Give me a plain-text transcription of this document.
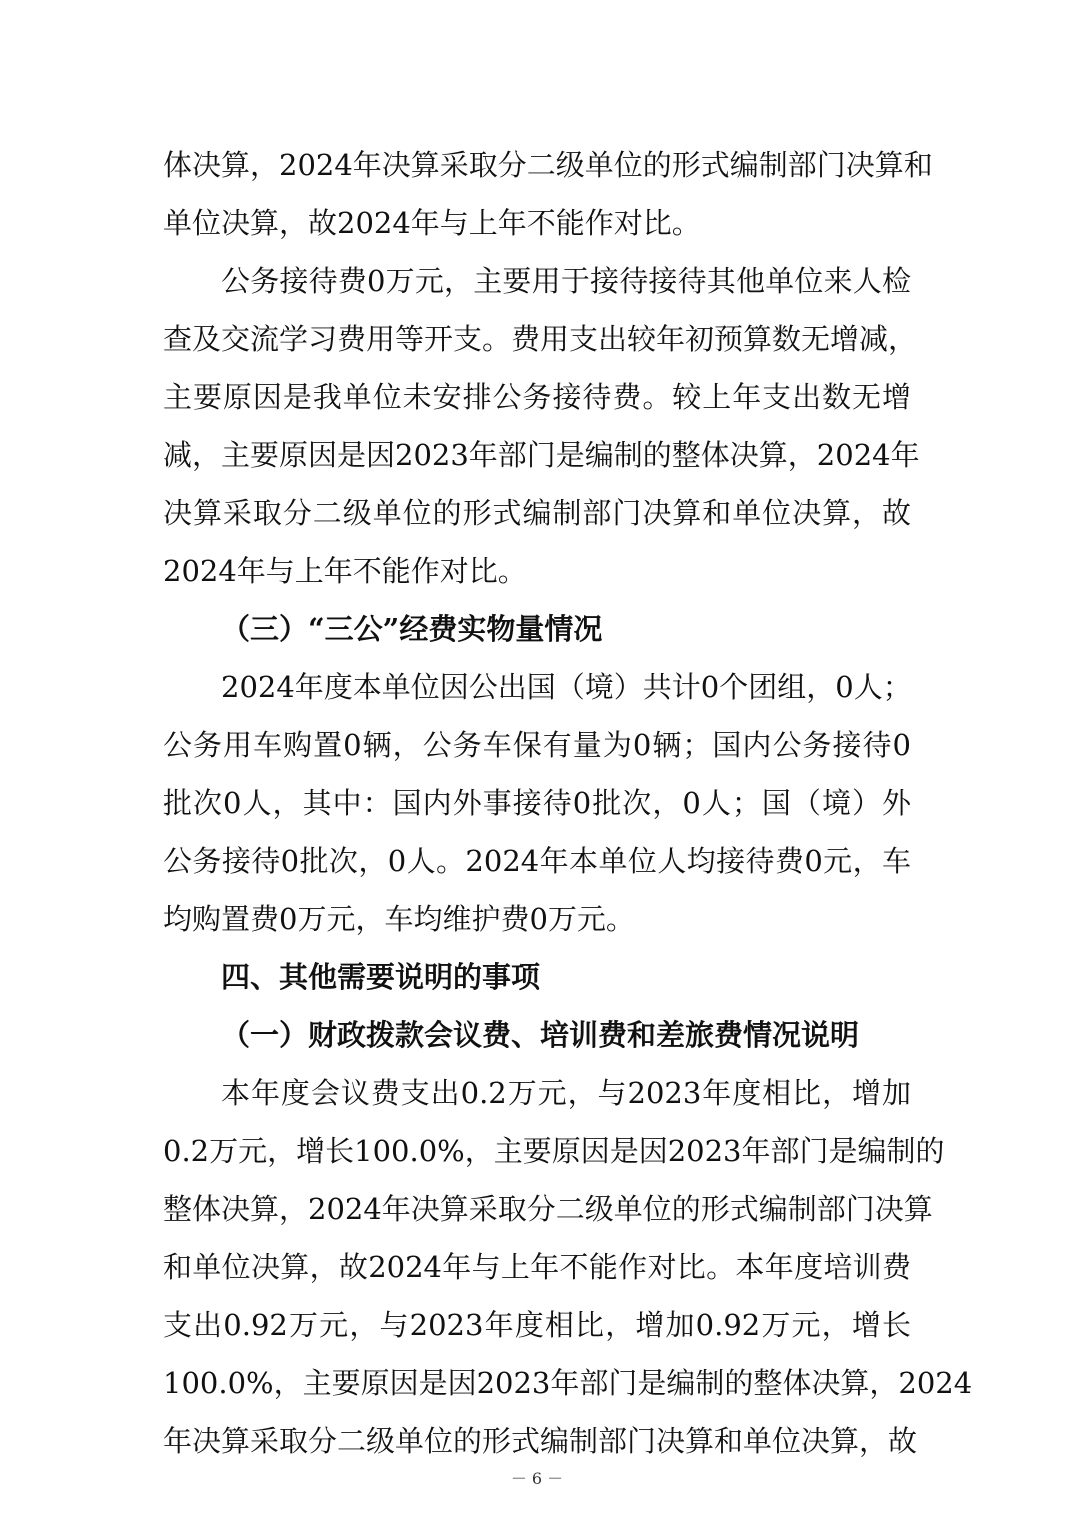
体决算，2024年决算采取分二级单位的形式编制部门决算和
单位决算，故2024年与上年不能作对比。
公务接待费0万元，主要用于接待接待其他单位来人检
查及交流学习费用等开支。费用支出较年初预算数无增减，
主要原因是我单位未安排公务接待费。较上年支出数无增
减，主要原因是因2023年部门是编制的整体决算，2024年
决算采取分二级单位的形式编制部门决算和单位决算，故
2024年与上年不能作对比。
（三）“三公”经费实物量情况
2024年度本单位因公出国（境）共计0个团组，0人；
公务用车购置0辆，公务车保有量为0辆；国内公务接待0
批次0人，其中：国内外事接待0批次，0人；国（境）外
公务接待0批次，0人。2024年本单位人均接待费0元，车
均购置费0万元，车均维护费0万元。
四、其他需要说明的事项
（一）财政拨款会议费、培训费和差旅费情况说明
本年度会议费支出0.2万元，与2023年度相比，增加
0.2万元，增长100.0%，主要原因是因2023年部门是编制的
整体决算，2024年决算采取分二级单位的形式编制部门决算
和单位决算，故2024年与上年不能作对比。本年度培训费
支出0.92万元，与2023年度相比，增加0.92万元，增长
100.0%，主要原因是因2023年部门是编制的整体决算，2024
年决算采取分二级单位的形式编制部门决算和单位决算，故
－ 6 －
